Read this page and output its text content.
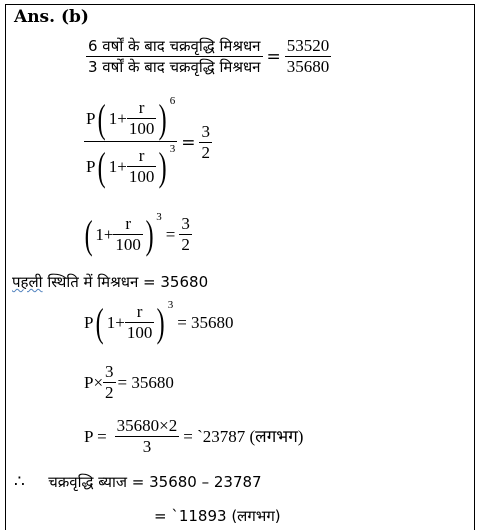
Ans. (b)
$\frac{\text{6 वर्षों के बाद चक्रवृद्धि मिश्रधन}}{\text{3 वर्षों के बाद चक्रवृद्धि मिश्रधन}} = \frac{53520}{35680}$
P ( $1+ \frac{r}{100}$ ) 6
P ( $1+ \frac{r}{100}$ ) $3 = \frac{3}{2}$
( $1+ \frac{r}{100}$ ) 3
= $\frac{3}{2}$
पहली स्थिति में मिश्रधन = 35680
P ( $1+ \frac{r}{100}$ ) 3
= 35680
$P\times \frac{3}{2} = 35680$
$P = \frac{35680\times 2}{3}$ = `23787 (लगभग)
∴ चक्रवृद्धि ब्याज = 35680 – 23787
= `11893 (लगभग)
